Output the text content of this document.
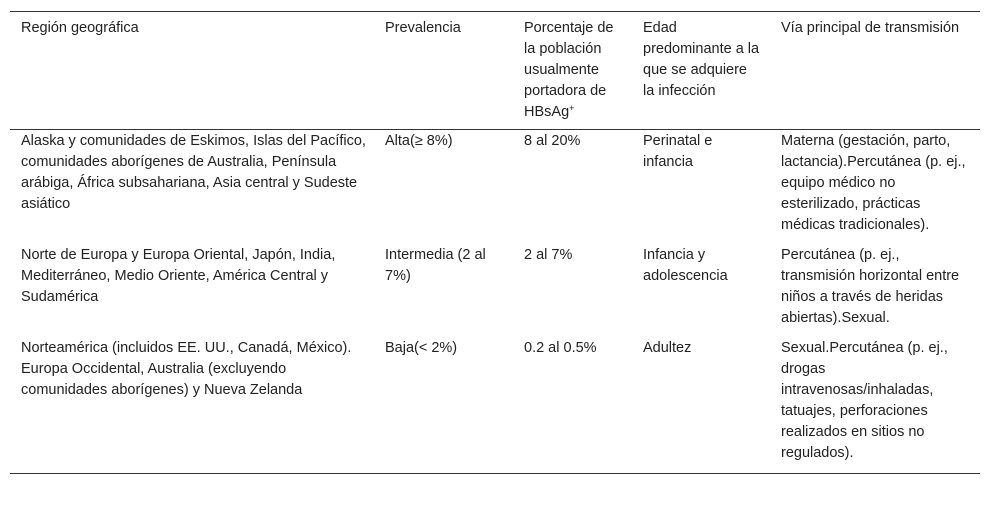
Región geográfica	Prevalencia	Porcentaje de la población usualmente portadora de HBsAg+	Edad predominante a la que se adquiere la infección	Vía principal de transmisión
Alaska y comunidades de Eskimos, Islas del Pacífico, comunidades aborígenes de Australia, Península arábiga, África subsahariana, Asia central y Sudeste asiático	Alta(≥ 8%)	8 al 20%	Perinatal e infancia	Materna (gestación, parto, lactancia).Percutánea (p. ej., equipo médico no esterilizado, prácticas médicas tradicionales).
Norte de Europa y Europa Oriental, Japón, India, Mediterráneo, Medio Oriente, América Central y Sudamérica	Intermedia (2 al 7%)	2 al 7%	Infancia y adolescencia	Percutánea (p. ej., transmisión horizontal entre niños a través de heridas abiertas).Sexual.
Norteamérica (incluidos EE. UU., Canadá, México). Europa Occidental, Australia (excluyendo comunidades aborígenes) y Nueva Zelanda	Baja(< 2%)	0.2 al 0.5%	Adultez	Sexual.Percutánea (p. ej., drogas intravenosas/inhaladas, tatuajes, perforaciones realizados en sitios no regulados).
